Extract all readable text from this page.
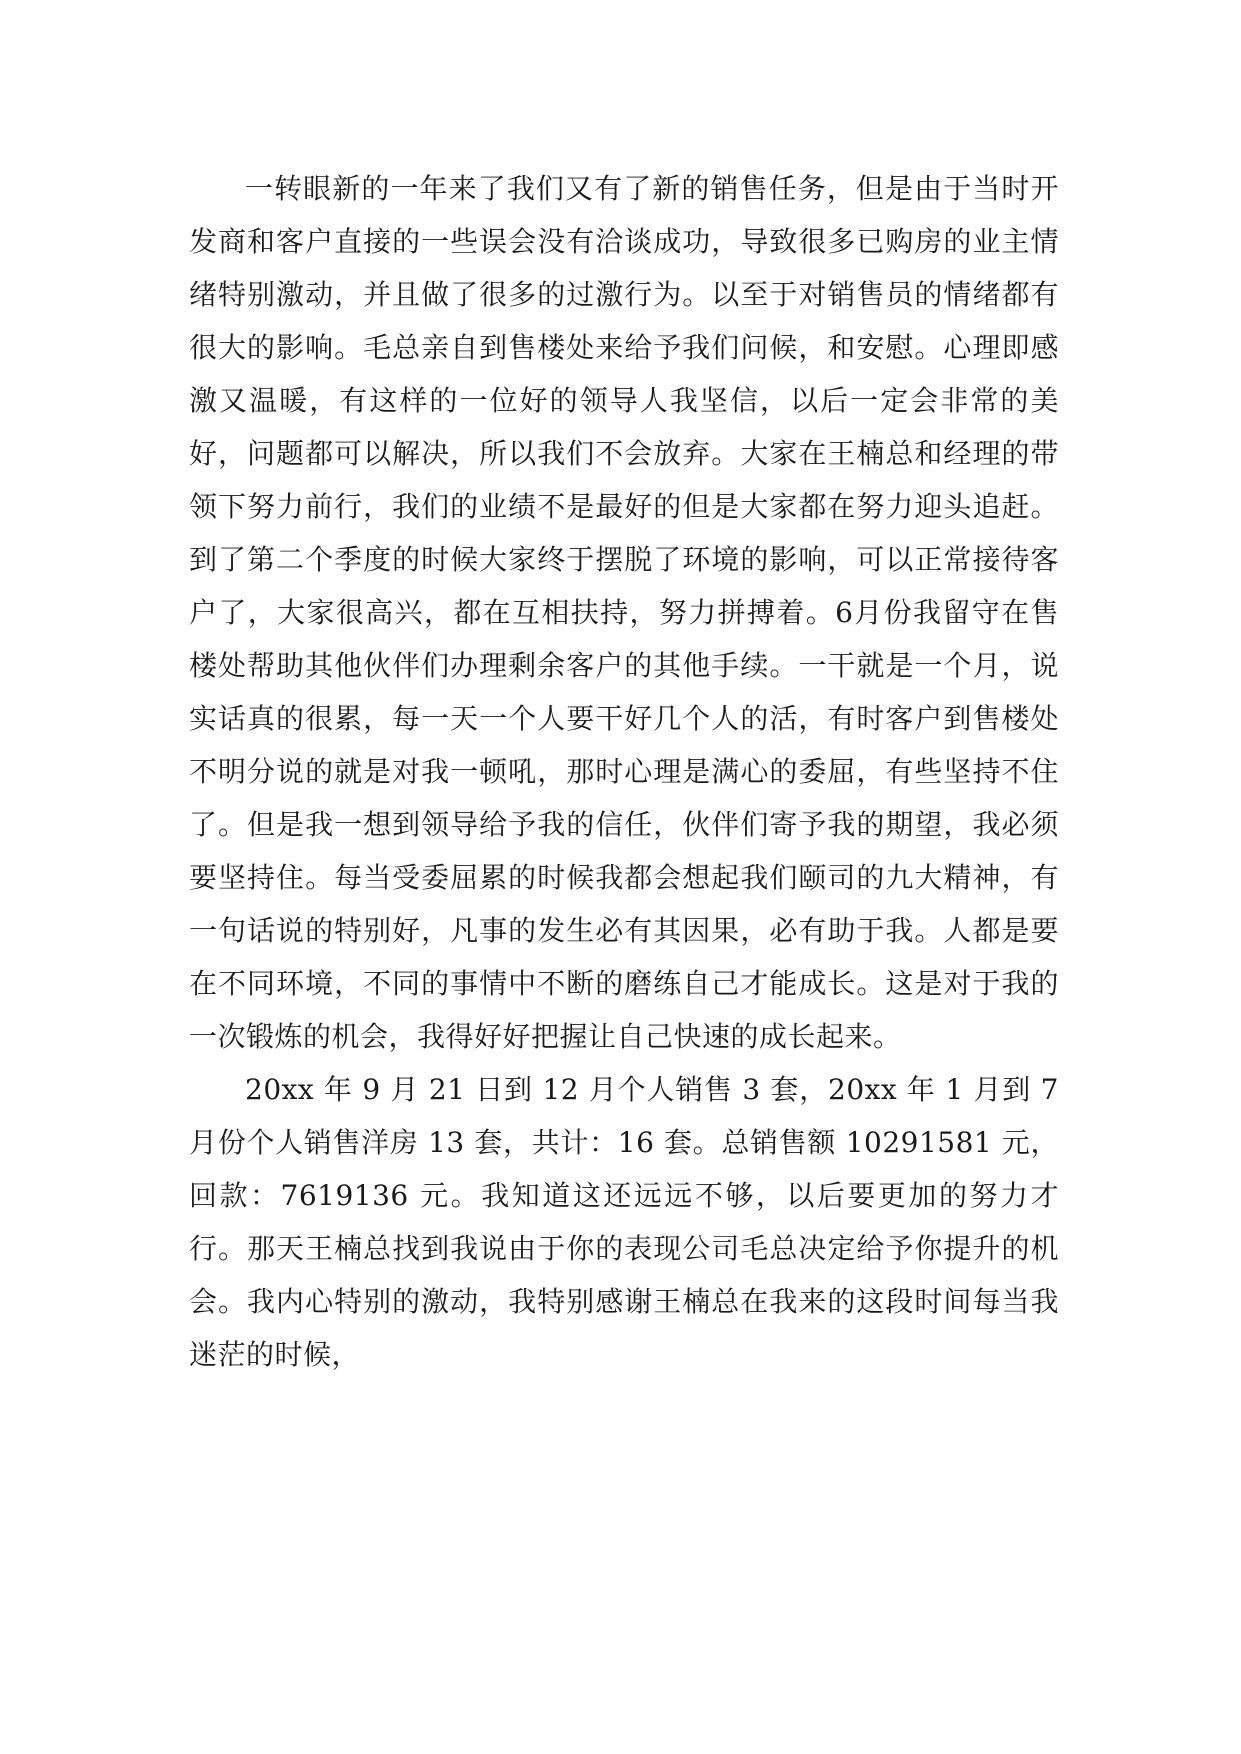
一转眼新的一年来了我们又有了新的销售任务，但是由于当时开发商和客户直接的一些误会没有洽谈成功，导致很多已购房的业主情绪特别激动，并且做了很多的过激行为。以至于对销售员的情绪都有很大的影响。毛总亲自到售楼处来给予我们问候，和安慰。心理即感激又温暖，有这样的一位好的领导人我坚信，以后一定会非常的美好，问题都可以解决，所以我们不会放弃。大家在王楠总和经理的带领下努力前行，我们的业绩不是最好的但是大家都在努力迎头追赶。到了第二个季度的时候大家终于摆脱了环境的影响，可以正常接待客户了，大家很高兴，都在互相扶持，努力拼搏着。6月份我留守在售楼处帮助其他伙伴们办理剩余客户的其他手续。一干就是一个月，说实话真的很累，每一天一个人要干好几个人的活，有时客户到售楼处不明分说的就是对我一顿吼，那时心理是满心的委屈，有些坚持不住了。但是我一想到领导给予我的信任，伙伴们寄予我的期望，我必须要坚持住。每当受委屈累的时候我都会想起我们颐司的九大精神，有一句话说的特别好，凡事的发生必有其因果，必有助于我。人都是要在不同环境，不同的事情中不断的磨练自己才能成长。这是对于我的一次锻炼的机会，我得好好把握让自己快速的成长起来。

20xx 年 9 月 21 日到 12 月个人销售 3 套，20xx 年 1 月到 7 月份个人销售洋房 13 套，共计：16 套。总销售额 10291581 元，回款：7619136 元。我知道这还远远不够，以后要更加的努力才行。那天王楠总找到我说由于你的表现公司毛总决定给予你提升的机会。我内心特别的激动，我特别感谢王楠总在我来的这段时间每当我迷茫的时候，
